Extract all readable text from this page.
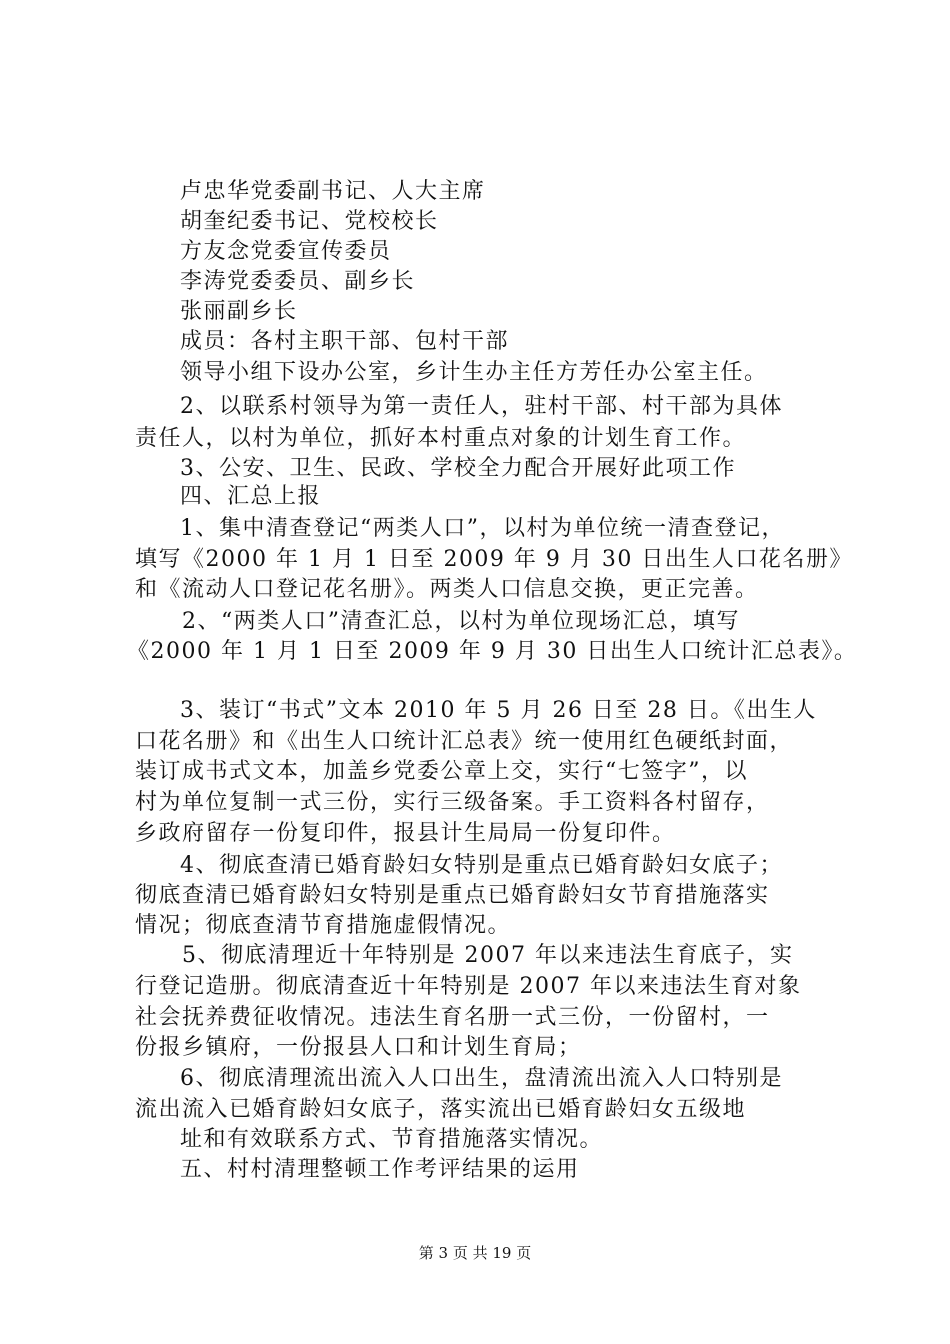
卢忠华党委副书记、人大主席
胡奎纪委书记、党校校长
方友念党委宣传委员
李涛党委委员、副乡长
张丽副乡长
成员：各村主职干部、包村干部
领导小组下设办公室，乡计生办主任方芳任办公室主任。
2、以联系村领导为第一责任人，驻村干部、村干部为具体
责任人，以村为单位，抓好本村重点对象的计划生育工作。
3、公安、卫生、民政、学校全力配合开展好此项工作
四、汇总上报
1、集中清查登记“两类人口”，以村为单位统一清查登记，
填写《2000 年 1 月 1 日至 2009 年 9 月 30 日出生人口花名册》
和《流动人口登记花名册》。两类人口信息交换，更正完善。
2、“两类人口”清查汇总，以村为单位现场汇总，填写
《2000 年 1 月 1 日至 2009 年 9 月 30 日出生人口统计汇总表》。
3、装订“书式”文本 2010 年 5 月 26 日至 28 日。《出生人
口花名册》和《出生人口统计汇总表》统一使用红色硬纸封面，
装订成书式文本，加盖乡党委公章上交，实行“七签字”，以
村为单位复制一式三份，实行三级备案。手工资料各村留存，
乡政府留存一份复印件，报县计生局局一份复印件。
4、彻底查清已婚育龄妇女特别是重点已婚育龄妇女底子；
彻底查清已婚育龄妇女特别是重点已婚育龄妇女节育措施落实
情况；彻底查清节育措施虚假情况。
5、彻底清理近十年特别是 2007 年以来违法生育底子，实
行登记造册。彻底清查近十年特别是 2007 年以来违法生育对象
社会抚养费征收情况。违法生育名册一式三份，一份留村，一
份报乡镇府，一份报县人口和计划生育局；
6、彻底清理流出流入人口出生，盘清流出流入人口特别是
流出流入已婚育龄妇女底子，落实流出已婚育龄妇女五级地
址和有效联系方式、节育措施落实情况。
五、村村清理整顿工作考评结果的运用
第 3 页 共 19 页
